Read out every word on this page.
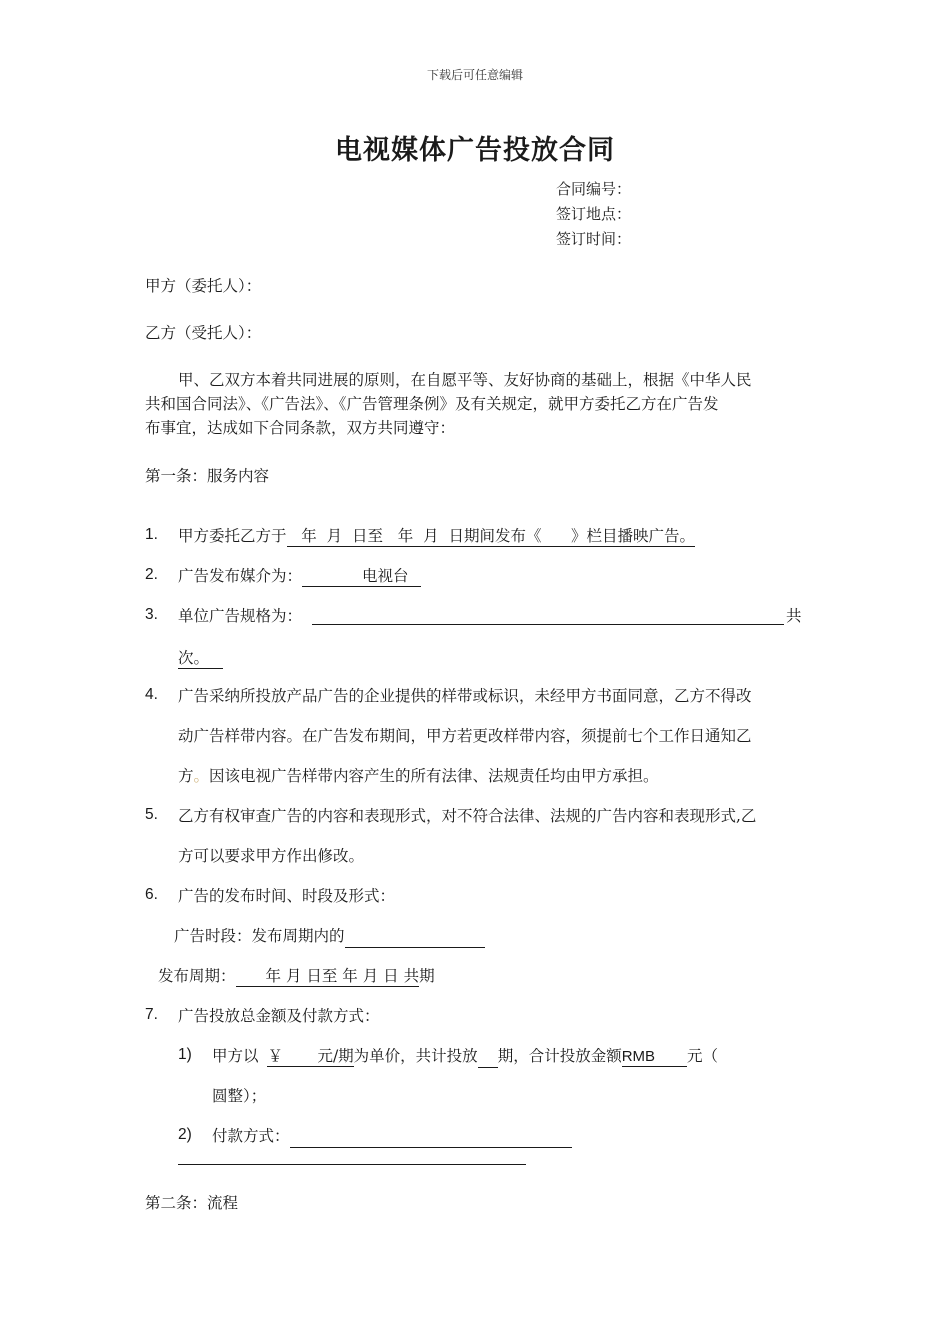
下载后可任意编辑
电视媒体广告投放合同
合同编号：
签订地点：
签订时间：
甲方（委托人）：
乙方（受托人）：
甲、乙双方本着共同进展的原则，在自愿平等、友好协商的基础上，根据《中华人民
共和国合同法》、《广告法》、《广告管理条例》及有关规定，就甲方委托乙方在广告发
布事宜，达成如下合同条款，双方共同遵守：
第一条：服务内容
1. 甲方委托乙方于   年  月  日至   年  月  日期间发布《      》栏目播映广告。
2. 广告发布媒介为：	电视台
3. 单位广告规格为：	共
次。
4. 广告采纳所投放产品广告的企业提供的样带或标识，未经甲方书面同意，乙方不得改
动广告样带内容。在广告发布期间，甲方若更改样带内容，须提前七个工作日通知乙
方。因该电视广告样带内容产生的所有法律、法规责任均由甲方承担。
5. 乙方有权审查广告的内容和表现形式，对不符合法律、法规的广告内容和表现形式,乙
方可以要求甲方作出修改。
6. 广告的发布时间、时段及形式：
广告时段：发布周期内的
发布周期： 年 月 日至 年 月 日 共期
7. 广告投放总金额及付款方式：
1) 甲方以 ￥       元/期为单价，共计投放 期，合计投放金额RMB 元（
圆整）；
2) 付款方式：
第二条：流程
